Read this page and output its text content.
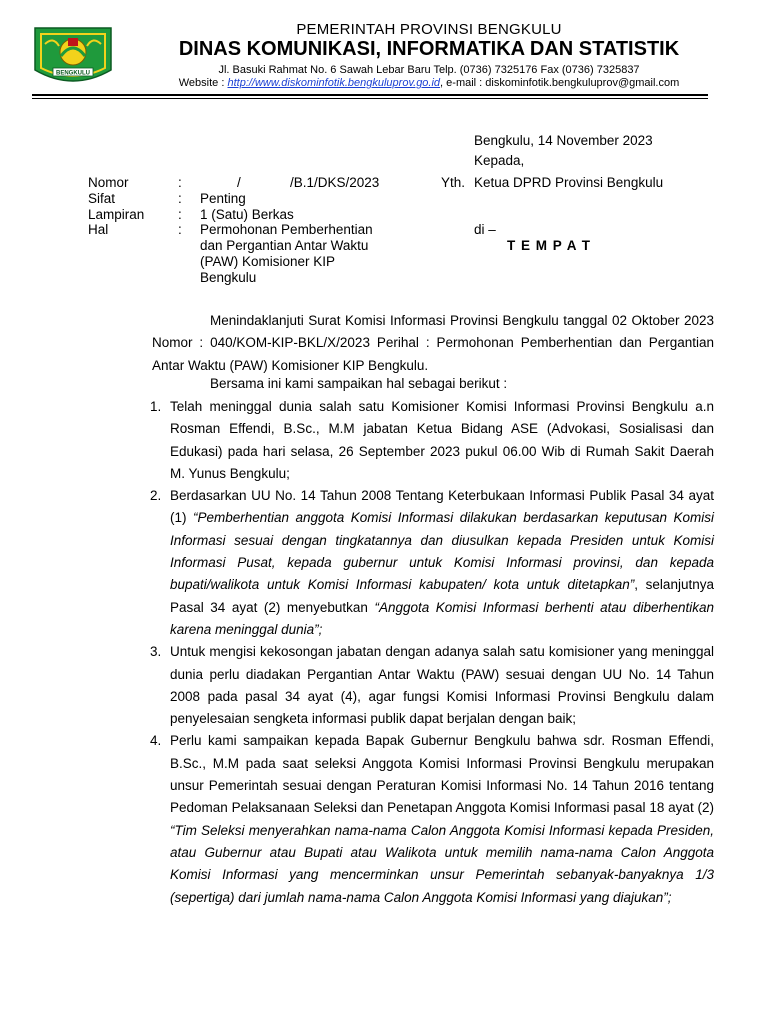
BENGKULU
PEMERINTAH PROVINSI BENGKULU
DINAS KOMUNIKASI, INFORMATIKA DAN STATISTIK
Jl. Basuki Rahmat No. 6 Sawah Lebar Baru Telp. (0736) 7325176 Fax (0736) 7325837
Website : http://www.diskominfotik.bengkuluprov.go.id, e-mail : diskominfotik.bengkuluprov@gmail.com
Bengkulu, 14 November 2023
Kepada,
Yth. Ketua DPRD Provinsi Bengkulu
di –
T E M P A T
Nomor	:	/	/B.1/DKS/2023
Sifat	: Penting
Lampiran : 1 (Satu) Berkas
Hal	: Permohonan Pemberhentian
dan Pergantian Antar Waktu
(PAW) Komisioner KIP
Bengkulu
Menindaklanjuti Surat Komisi Informasi Provinsi Bengkulu tanggal 02 Oktober 2023 Nomor : 040/KOM-KIP-BKL/X/2023 Perihal : Permohonan Pemberhentian dan Pergantian Antar Waktu (PAW) Komisioner KIP Bengkulu.
Bersama ini kami sampaikan hal sebagai berikut :
1. Telah meninggal dunia salah satu Komisioner Komisi Informasi Provinsi Bengkulu a.n Rosman Effendi, B.Sc., M.M jabatan Ketua Bidang ASE (Advokasi, Sosialisasi dan Edukasi) pada hari selasa, 26 September 2023 pukul 06.00 Wib di Rumah Sakit Daerah M. Yunus Bengkulu;
2. Berdasarkan UU No. 14 Tahun 2008 Tentang Keterbukaan Informasi Publik Pasal 34 ayat (1) “Pemberhentian anggota Komisi Informasi dilakukan berdasarkan keputusan Komisi Informasi sesuai dengan tingkatannya dan diusulkan kepada Presiden untuk Komisi Informasi Pusat, kepada gubernur untuk Komisi Informasi provinsi, dan kepada bupati/walikota untuk Komisi Informasi kabupaten/ kota untuk ditetapkan”, selanjutnya Pasal 34 ayat (2) menyebutkan “Anggota Komisi Informasi berhenti atau diberhentikan karena meninggal dunia”;
3. Untuk mengisi kekosongan jabatan dengan adanya salah satu komisioner yang meninggal dunia perlu diadakan Pergantian Antar Waktu (PAW) sesuai dengan UU No. 14 Tahun 2008 pada pasal 34 ayat (4), agar fungsi Komisi Informasi Provinsi Bengkulu dalam penyelesaian sengketa informasi publik dapat berjalan dengan baik;
4. Perlu kami sampaikan kepada Bapak Gubernur Bengkulu bahwa sdr. Rosman Effendi, B.Sc., M.M pada saat seleksi Anggota Komisi Informasi Provinsi Bengkulu merupakan unsur Pemerintah sesuai dengan Peraturan Komisi Informasi No. 14 Tahun 2016 tentang Pedoman Pelaksanaan Seleksi dan Penetapan Anggota Komisi Informasi pasal 18 ayat (2) “Tim Seleksi menyerahkan nama-nama Calon Anggota Komisi Informasi kepada Presiden, atau Gubernur atau Bupati atau Walikota untuk memilih nama-nama Calon Anggota Komisi Informasi yang mencerminkan unsur Pemerintah sebanyak-banyaknya 1/3 (sepertiga) dari jumlah nama-nama Calon Anggota Komisi Informasi yang diajukan”;
